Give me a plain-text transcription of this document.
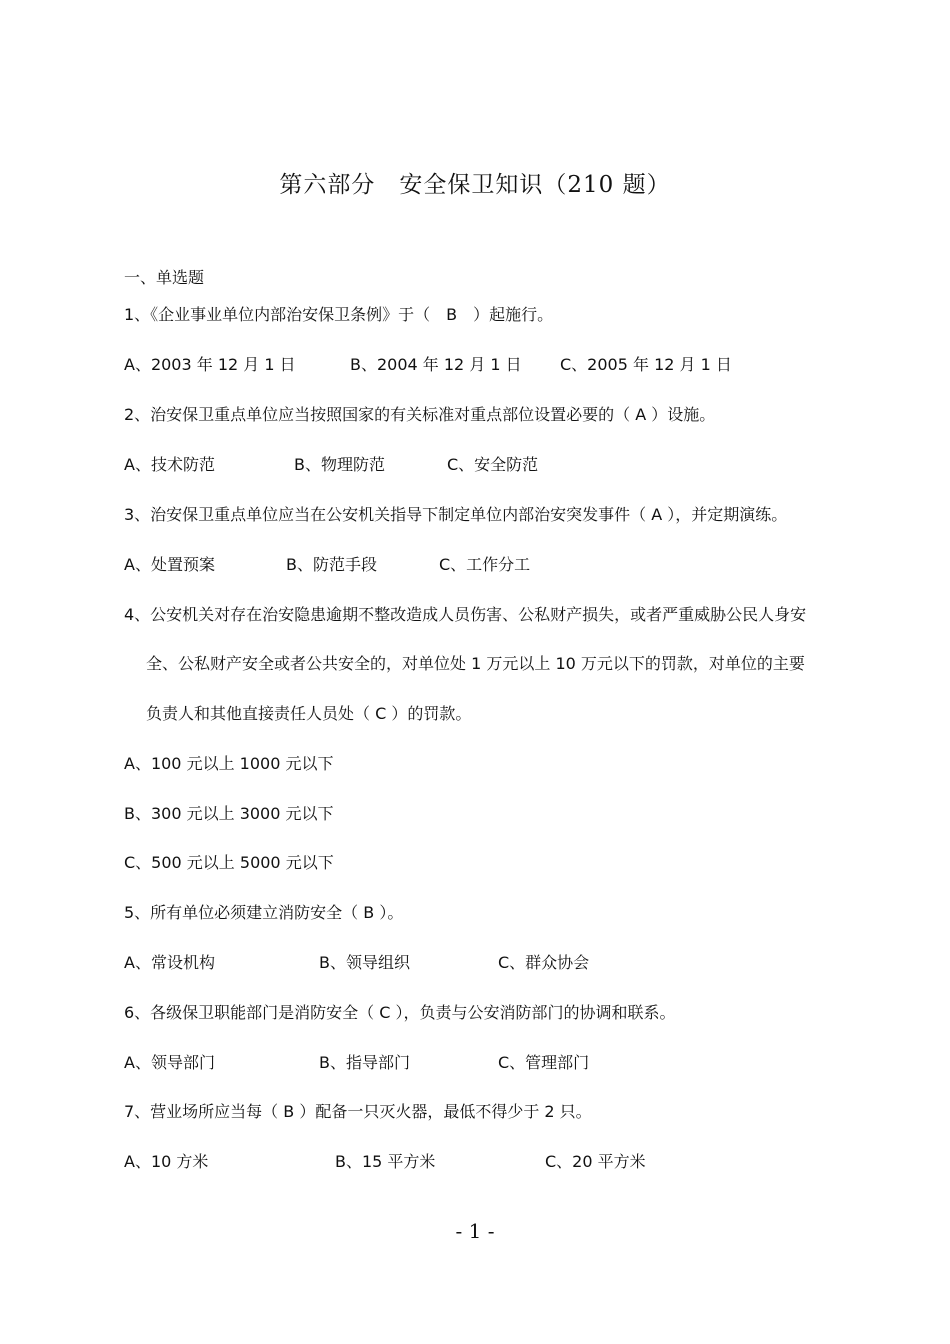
第六部分　安全保卫知识（210 题）
一、单选题
1、《企业事业单位内部治安保卫条例》于（　B　）起施行。
A、2003 年 12 月 1 日	B、2004 年 12 月 1 日 C、2005 年 12 月 1 日
2、治安保卫重点单位应当按照国家的有关标准对重点部位设置必要的（ A ）设施。
A、技术防范	B、物理防范	C、安全防范
3、治安保卫重点单位应当在公安机关指导下制定单位内部治安突发事件（ A ），并定期演练。
A、处置预案	B、防范手段	C、工作分工
4、公安机关对存在治安隐患逾期不整改造成人员伤害、公私财产损失，或者严重威胁公民人身安
全、公私财产安全或者公共安全的，对单位处 1 万元以上 10 万元以下的罚款，对单位的主要
负责人和其他直接责任人员处（ C ）的罚款。
A、100 元以上 1000 元以下
B、300 元以上 3000 元以下
C、500 元以上 5000 元以下
5、所有单位必须建立消防安全（ B ）。
A、常设机构	B、领导组织	C、群众协会
6、各级保卫职能部门是消防安全（ C ），负责与公安消防部门的协调和联系。
A、领导部门	B、指导部门	C、管理部门
7、营业场所应当每（ B ）配备一只灭火器，最低不得少于 2 只。
A、10 方米	B、15 平方米	C、20 平方米
- 1 -
